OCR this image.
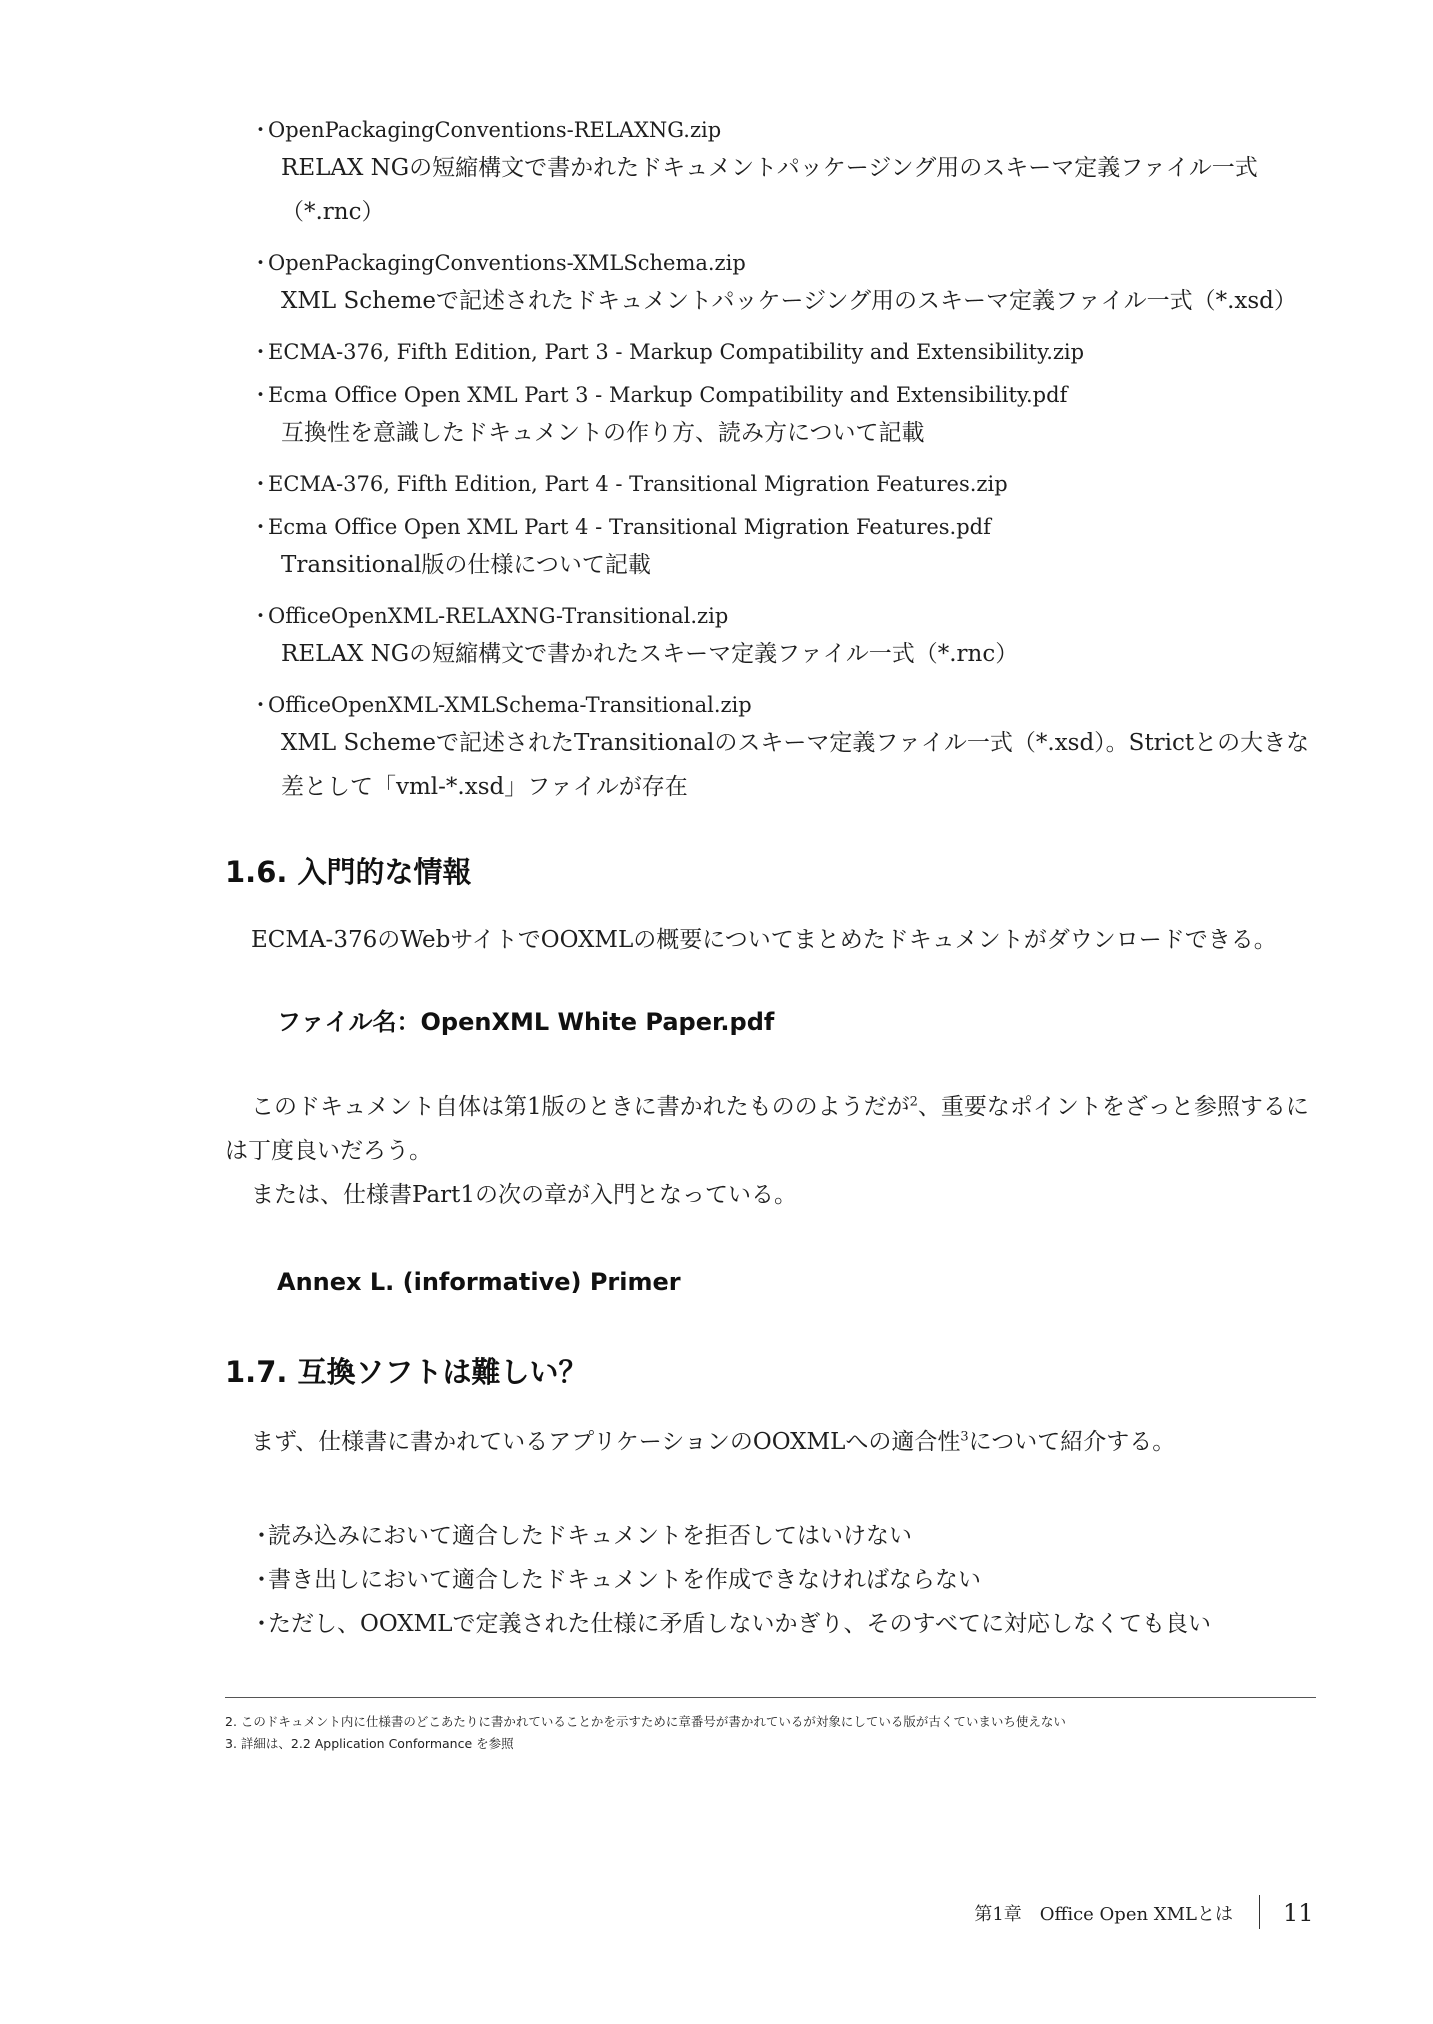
・OpenPackagingConventions-RELAXNG.zip
RELAX NGの短縮構文で書かれたドキュメントパッケージング用のスキーマ定義ファイル一式（*.rnc）
・OpenPackagingConventions-XMLSchema.zip
XML Schemeで記述されたドキュメントパッケージング用のスキーマ定義ファイル一式（*.xsd）
・ECMA-376, Fifth Edition, Part 3 - Markup Compatibility and Extensibility.zip
・Ecma Office Open XML Part 3 - Markup Compatibility and Extensibility.pdf
互換性を意識したドキュメントの作り方、読み方について記載
・ECMA-376, Fifth Edition, Part 4 - Transitional Migration Features.zip
・Ecma Office Open XML Part 4 - Transitional Migration Features.pdf
Transitional版の仕様について記載
・OfficeOpenXML-RELAXNG-Transitional.zip
RELAX NGの短縮構文で書かれたスキーマ定義ファイル一式（*.rnc）
・OfficeOpenXML-XMLSchema-Transitional.zip
XML Schemeで記述されたTransitionalのスキーマ定義ファイル一式（*.xsd）。Strictとの大きな差として「vml-*.xsd」ファイルが存在
1.6. 入門的な情報

ECMA-376のWebサイトでOOXMLの概要についてまとめたドキュメントがダウンロードできる。

ファイル名：OpenXML White Paper.pdf

このドキュメント自体は第1版のときに書かれたもののようだが$^2$、重要なポイントをざっと参照するには丁度良いだろう。

または、仕様書Part1の次の章が入門となっている。

Annex L. (informative) Primer

1.7. 互換ソフトは難しい？

まず、仕様書に書かれているアプリケーションのOOXMLへの適合性$^3$について紹介する。

・読み込みにおいて適合したドキュメントを拒否してはいけない
・書き出しにおいて適合したドキュメントを作成できなければならない
・ただし、OOXMLで定義された仕様に矛盾しないかぎり、そのすべてに対応しなくても良い
2. このドキュメント内に仕様書のどこあたりに書かれていることかを示すために章番号が書かれているが対象にしている版が古くていまいち使えない
3. 詳細は、2.2 Application Conformance を参照
第1章　Office Open XMLとは 11
